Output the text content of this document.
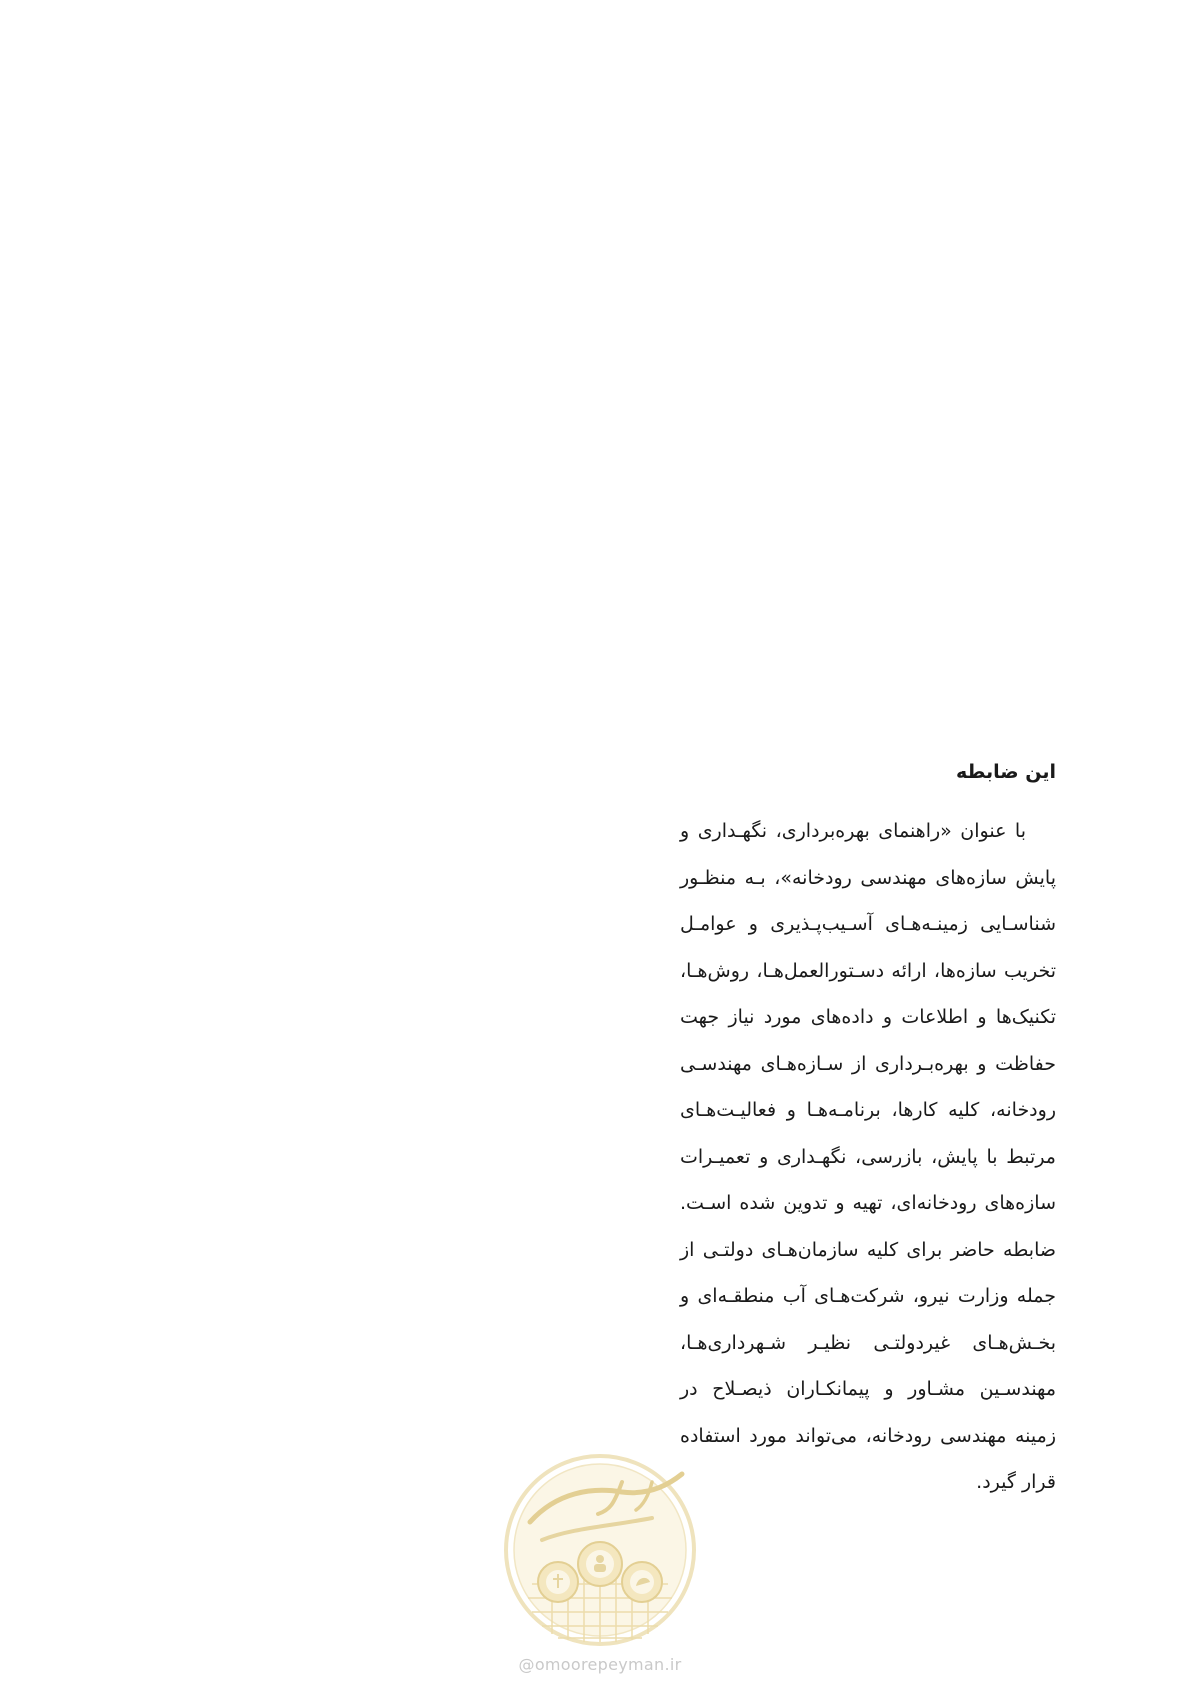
این ضابطه
با عنوان «راهنمای بهره‌برداری، نگهـداری و
پایش سازه‌های مهندسی رودخانه»، بـه منظـور
شناسـایی زمینـه‌هـای آسـیب‌پـذیری و عوامـل
تخریب سازه‌ها، ارائه دسـتورالعمل‌هـا، روش‌هـا،
تکنیک‌ها و اطلاعات و داده‌های مورد نیاز جهت
حفاظت و بهره‌بـرداری از سـازه‌هـای مهندسـی
رودخانه، کلیه کارها، برنامـه‌هـا و فعالیـت‌هـای
مرتبط با پایش، بازرسی، نگهـداری و تعمیـرات
سازه‌های رودخانه‌ای، تهیه و تدوین شده اسـت.
ضابطه حاضر برای کلیه سازمان‌هـای دولتـی از
جمله وزارت نیرو، شرکت‌هـای آب منطقـه‌ای و
بخـش‌هـای غیردولتـی نظیـر شـهرداری‌هـا،
مهندسـین مشـاور و پیمانکـاران ذیصـلاح در
زمینه مهندسی رودخانه، می‌تواند مورد استفاده
قرار گیرد.
@omoorepeyman.ir
